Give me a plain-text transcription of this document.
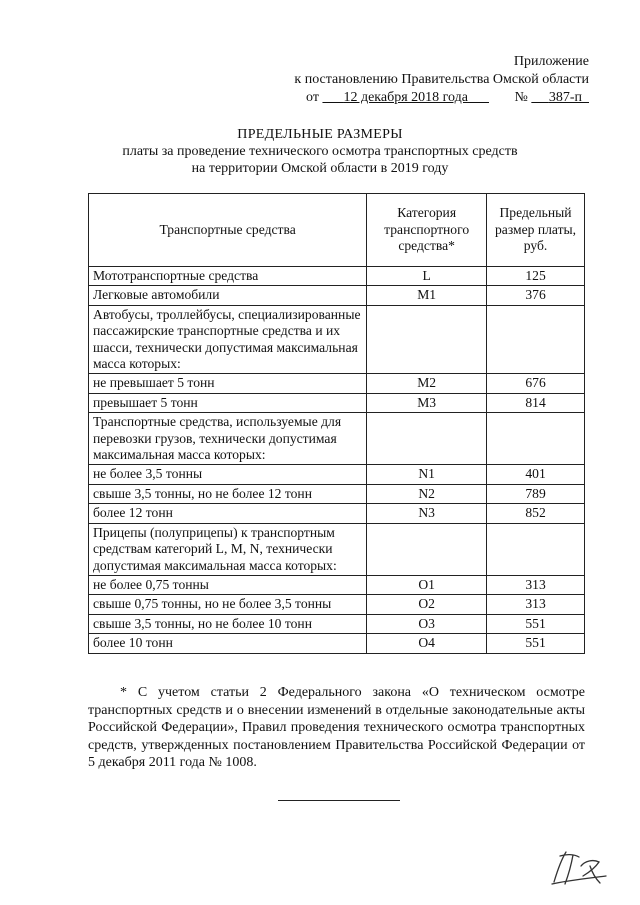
Приложение
к постановлению Правительства Омской области
от 12 декабря 2018 года	№ 387-п
ПРЕДЕЛЬНЫЕ РАЗМЕРЫ
платы за проведение технического осмотра транспортных средств
на территории Омской области в 2019 году
Транспортные средства	Категория транспортного средства*	Предельный размер платы, руб.
Мототранспортные средства	L	125
Легковые автомобили	M1	376
Автобусы, троллейбусы, специализированные пассажирские транспортные средства и их шасси, технически допустимая максимальная масса которых:		
не превышает 5 тонн	M2	676
превышает 5 тонн	M3	814
Транспортные средства, используемые для перевозки грузов, технически допустимая максимальная масса которых:		
не более 3,5 тонны	N1	401
свыше 3,5 тонны, но не более 12 тонн	N2	789
более 12 тонн	N3	852
Прицепы (полуприцепы) к транспортным средствам категорий L, M, N, технически допустимая максимальная масса которых:		
не более 0,75 тонны	O1	313
свыше 0,75 тонны, но не более 3,5 тонны	O2	313
свыше 3,5 тонны, но не более 10 тонн	O3	551
более 10 тонн	O4	551

* С учетом статьи 2 Федерального закона «О техническом осмотре транспортных средств и о внесении изменений в отдельные законодательные акты Российской Федерации», Правил проведения технического осмотра транспортных средств, утвержденных постановлением Правительства Российской Федерации от 5 декабря 2011 года № 1008.
